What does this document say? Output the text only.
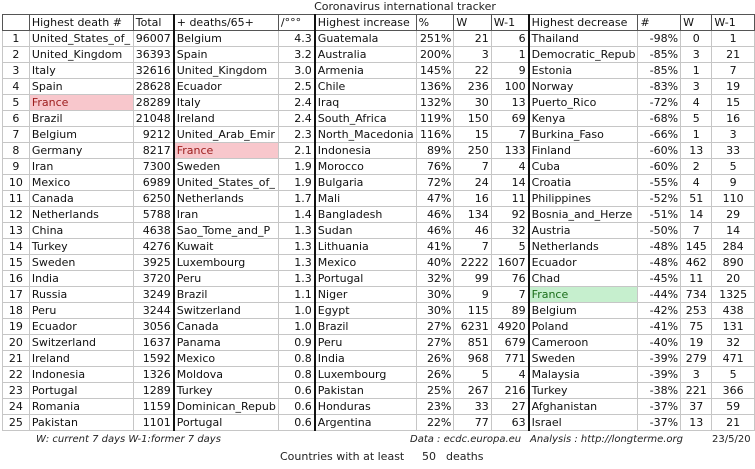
Coronavirus international tracker
	Highest death #	Total	+ deaths/65+	/°°°	Highest increase	%	W	W-1	Highest decrease	#	W	W-1
1	United_States_of_	96007	Belgium	4.3	Guatemala	251%	21	6	Thailand	-98%	0	1
2	United_Kingdom	36393	Spain	3.2	Australia	200%	3	1	Democratic_Repub	-85%	3	21
3	Italy	32616	United_Kingdom	3.0	Armenia	145%	22	9	Estonia	-85%	1	7
4	Spain	28628	Ecuador	2.5	Chile	136%	236	100	Norway	-83%	3	19
5	France	28289	Italy	2.4	Iraq	132%	30	13	Puerto_Rico	-72%	4	15
6	Brazil	21048	Ireland	2.4	South_Africa	119%	150	69	Kenya	-68%	5	16
7	Belgium	9212	United_Arab_Emir	2.3	North_Macedonia	116%	15	7	Burkina_Faso	-66%	1	3
8	Germany	8217	France	2.1	Indonesia	89%	250	133	Finland	-60%	13	33
9	Iran	7300	Sweden	1.9	Morocco	76%	7	4	Cuba	-60%	2	5
10	Mexico	6989	United_States_of_	1.9	Bulgaria	72%	24	14	Croatia	-55%	4	9
11	Canada	6250	Netherlands	1.7	Mali	47%	16	11	Philippines	-52%	51	110
12	Netherlands	5788	Iran	1.4	Bangladesh	46%	134	92	Bosnia_and_Herze	-51%	14	29
13	China	4638	Sao_Tome_and_P	1.3	Sudan	46%	46	32	Austria	-50%	7	14
14	Turkey	4276	Kuwait	1.3	Lithuania	41%	7	5	Netherlands	-48%	145	284
15	Sweden	3925	Luxembourg	1.3	Mexico	40%	2222	1607	Ecuador	-48%	462	890
16	India	3720	Peru	1.3	Portugal	32%	99	76	Chad	-45%	11	20
17	Russia	3249	Brazil	1.1	Niger	30%	9	7	France	-44%	734	1325
18	Peru	3244	Switzerland	1.0	Egypt	30%	115	89	Belgium	-42%	253	438
19	Ecuador	3056	Canada	1.0	Brazil	27%	6231	4920	Poland	-41%	75	131
20	Switzerland	1637	Panama	0.9	Peru	27%	851	679	Cameroon	-40%	19	32
21	Ireland	1592	Mexico	0.8	India	26%	968	771	Sweden	-39%	279	471
22	Indonesia	1326	Moldova	0.8	Luxembourg	26%	5	4	Malaysia	-39%	3	5
23	Portugal	1289	Turkey	0.6	Pakistan	25%	267	216	Turkey	-38%	221	366
24	Romania	1159	Dominican_Repub	0.6	Honduras	23%	33	27	Afghanistan	-37%	37	59
25	Pakistan	1101	Portugal	0.6	Argentina	22%	77	63	Israel	-37%	13	21
W: current 7 days W-1:former 7 days	Data : ecdc.europa.eu Analysis : http://longterme.org	23/5/20
Countries with at least 50 deaths
